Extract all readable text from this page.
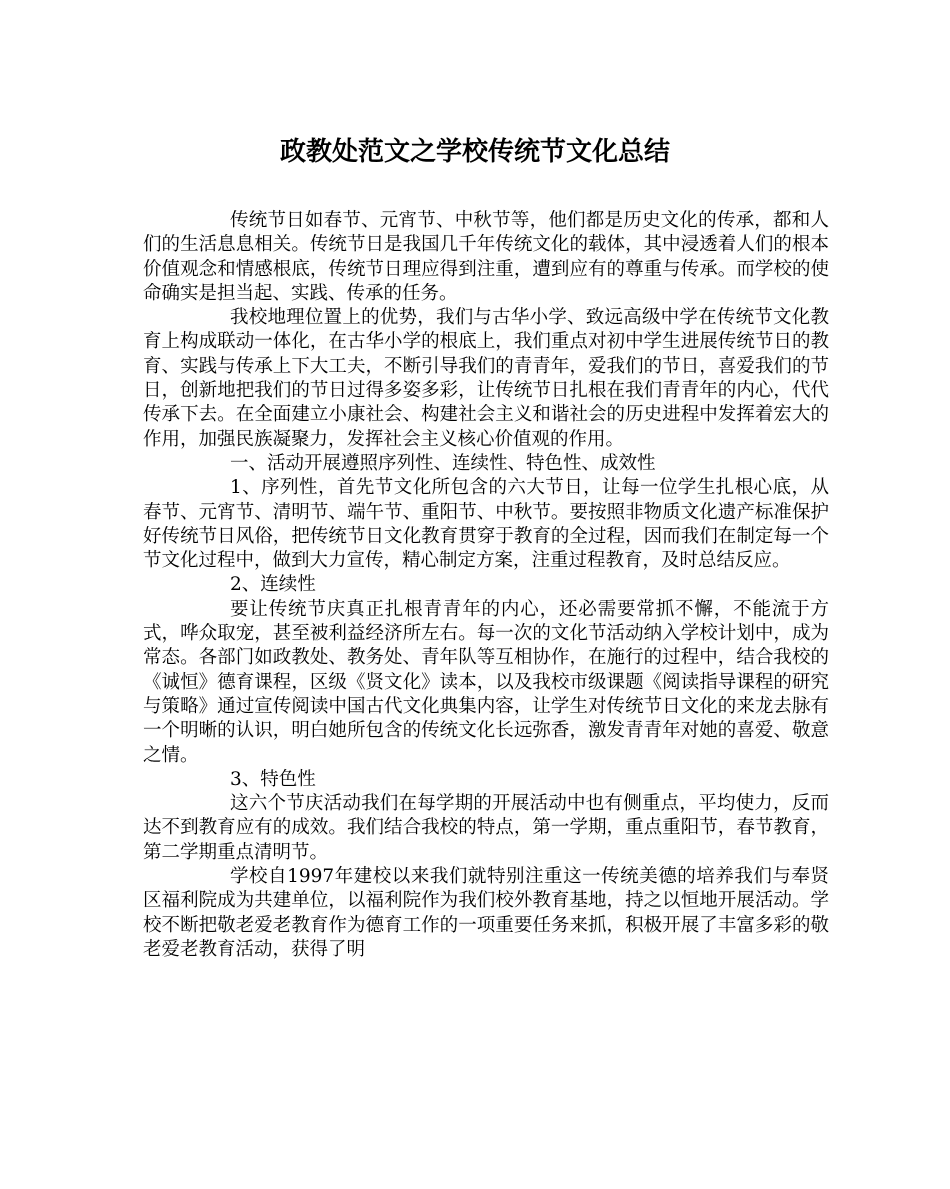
政教处范文之学校传统节文化总结

传统节日如春节、元宵节、中秋节等，他们都是历史文化的传承，都和人们的生活息息相关。传统节日是我国几千年传统文化的载体，其中浸透着人们的根本价值观念和情感根底，传统节日理应得到注重，遭到应有的尊重与传承。而学校的使命确实是担当起、实践、传承的任务。

我校地理位置上的优势，我们与古华小学、致远高级中学在传统节文化教育上构成联动一体化，在古华小学的根底上，我们重点对初中学生进展传统节日的教育、实践与传承上下大工夫，不断引导我们的青青年，爱我们的节日，喜爱我们的节日，创新地把我们的节日过得多姿多彩，让传统节日扎根在我们青青年的内心，代代传承下去。在全面建立小康社会、构建社会主义和谐社会的历史进程中发挥着宏大的作用，加强民族凝聚力，发挥社会主义核心价值观的作用。

一、活动开展遵照序列性、连续性、特色性、成效性

1、序列性，首先节文化所包含的六大节日，让每一位学生扎根心底，从春节、元宵节、清明节、端午节、重阳节、中秋节。要按照非物质文化遗产标准保护好传统节日风俗，把传统节日文化教育贯穿于教育的全过程，因而我们在制定每一个节文化过程中，做到大力宣传，精心制定方案，注重过程教育，及时总结反应。

2、连续性

要让传统节庆真正扎根青青年的内心，还必需要常抓不懈，不能流于方式，哗众取宠，甚至被利益经济所左右。每一次的文化节活动纳入学校计划中，成为常态。各部门如政教处、教务处、青年队等互相协作，在施行的过程中，结合我校的《诚恒》德育课程，区级《贤文化》读本，以及我校市级课题《阅读指导课程的研究与策略》通过宣传阅读中国古代文化典集内容，让学生对传统节日文化的来龙去脉有一个明晰的认识，明白她所包含的传统文化长远弥香，激发青青年对她的喜爱、敬意之情。

3、特色性

这六个节庆活动我们在每学期的开展活动中也有侧重点，平均使力，反而达不到教育应有的成效。我们结合我校的特点，第一学期，重点重阳节，春节教育，第二学期重点清明节。

学校自1997年建校以来我们就特别注重这一传统美德的培养我们与奉贤区福利院成为共建单位，以福利院作为我们校外教育基地，持之以恒地开展活动。学校不断把敬老爱老教育作为德育工作的一项重要任务来抓，积极开展了丰富多彩的敬老爱老教育活动，获得了明
